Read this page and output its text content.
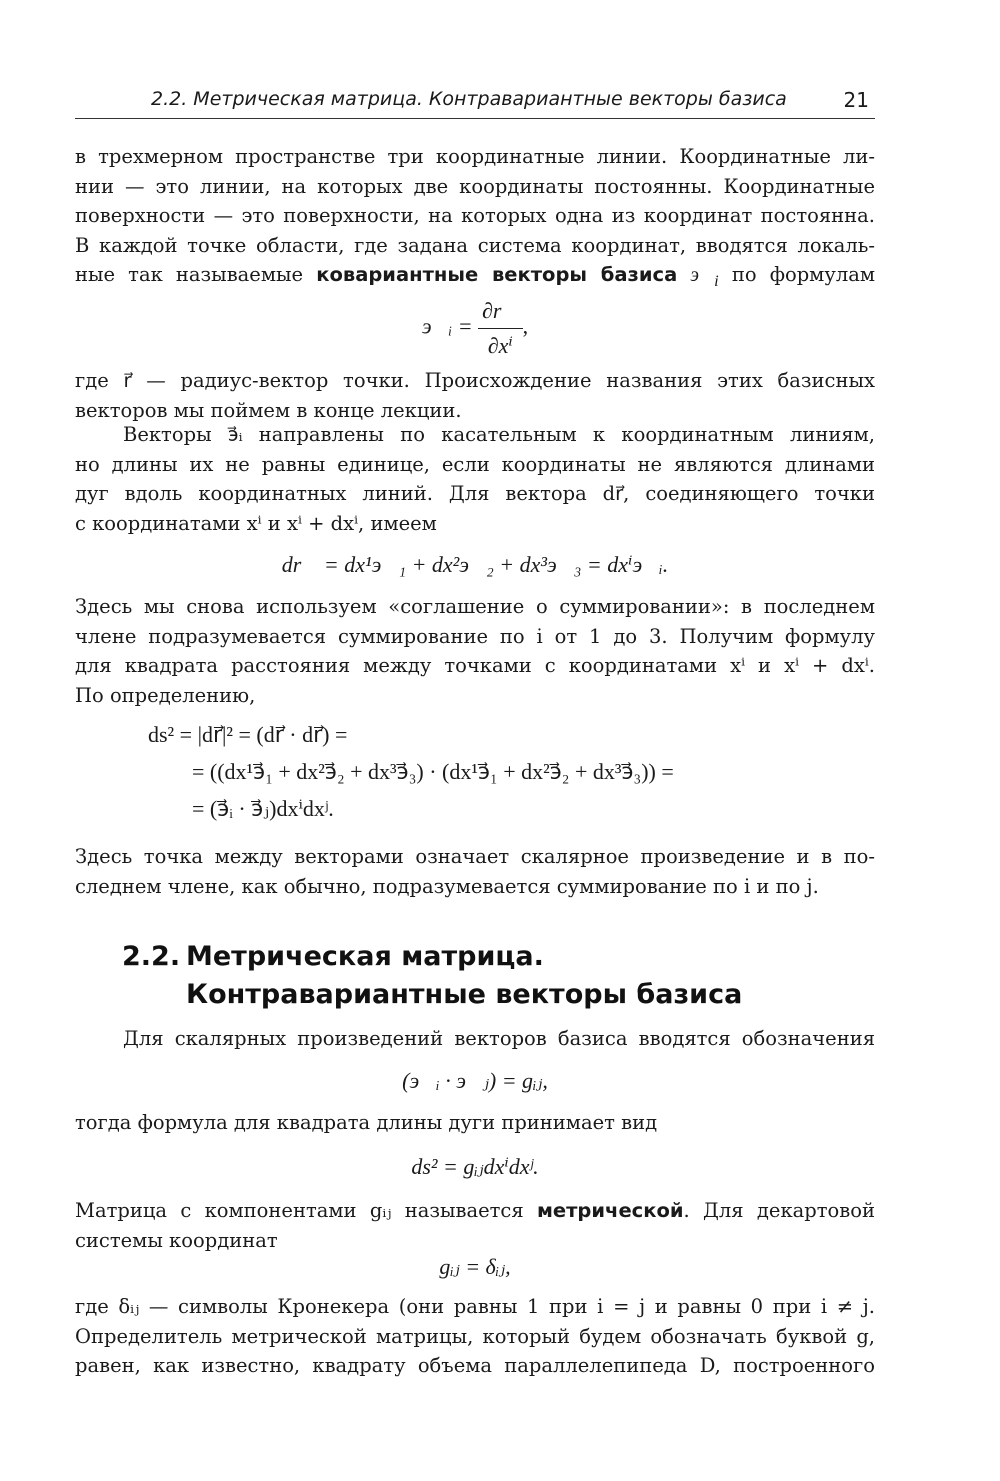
2.2. Метрическая матрица. Контравариантные векторы базиса	21
в трехмерном пространстве три координатные линии. Координатные ли-
нии — это линии, на которых две координаты постоянны. Координатные
поверхности — это поверхности, на которых одна из координат постоянна.
В каждой точке области, где задана система координат, вводятся локаль-
ные так называемые ковариантные векторы базиса $э⃗_i$ по формулам
э⃗ᵢ = $\frac{\partial r⃗}{\text{∂xⁱ}}$ ,
где r⃗ — радиус-вектор точки. Происхождение названия этих базисных
векторов мы поймем в конце лекции.
Векторы э⃗ᵢ направлены по касательным к координатным линиям,
но длины их не равны единице, если координаты не являются длинами
дуг вдоль координатных линий. Для вектора dr⃗, соединяющего точки
с координатами xⁱ и xⁱ + dxⁱ, имеем
dr⃗ = dx¹э⃗₁ + dx²э⃗₂ + dx³э⃗₃ = dxⁱэ⃗ᵢ.
Здесь мы снова используем «соглашение о суммировании»: в последнем
члене подразумевается суммирование по i от 1 до 3. Получим формулу
для квадрата расстояния между точками с координатами xⁱ и xⁱ + dxⁱ.
По определению,
ds² = |dr⃗|² = (dr⃗ · dr⃗) =
= ((dx¹э⃗₁ + dx²э⃗₂ + dx³э⃗₃) · (dx¹э⃗₁ + dx²э⃗₂ + dx³э⃗₃)) =
= (э⃗ᵢ · э⃗ⱼ)dxⁱdxʲ.
Здесь точка между векторами означает скалярное произведение и в по-
следнем члене, как обычно, подразумевается суммирование по i и по j.
2.2. Метрическая матрица.
Контравариантные векторы базиса
Для скалярных произведений векторов базиса вводятся обозначения
(э⃗ᵢ · э⃗ⱼ) = gᵢⱼ,
тогда формула для квадрата длины дуги принимает вид
ds² = gᵢⱼdxⁱdxʲ.
Матрица с компонентами gᵢⱼ называется метрической. Для декартовой
системы координат
gᵢⱼ = δᵢⱼ,
где δᵢⱼ — символы Кронекера (они равны 1 при i = j и равны 0 при i ≠ j.
Определитель метрической матрицы, который будем обозначать буквой g,
равен, как известно, квадрату объема параллелепипеда D, построенного
